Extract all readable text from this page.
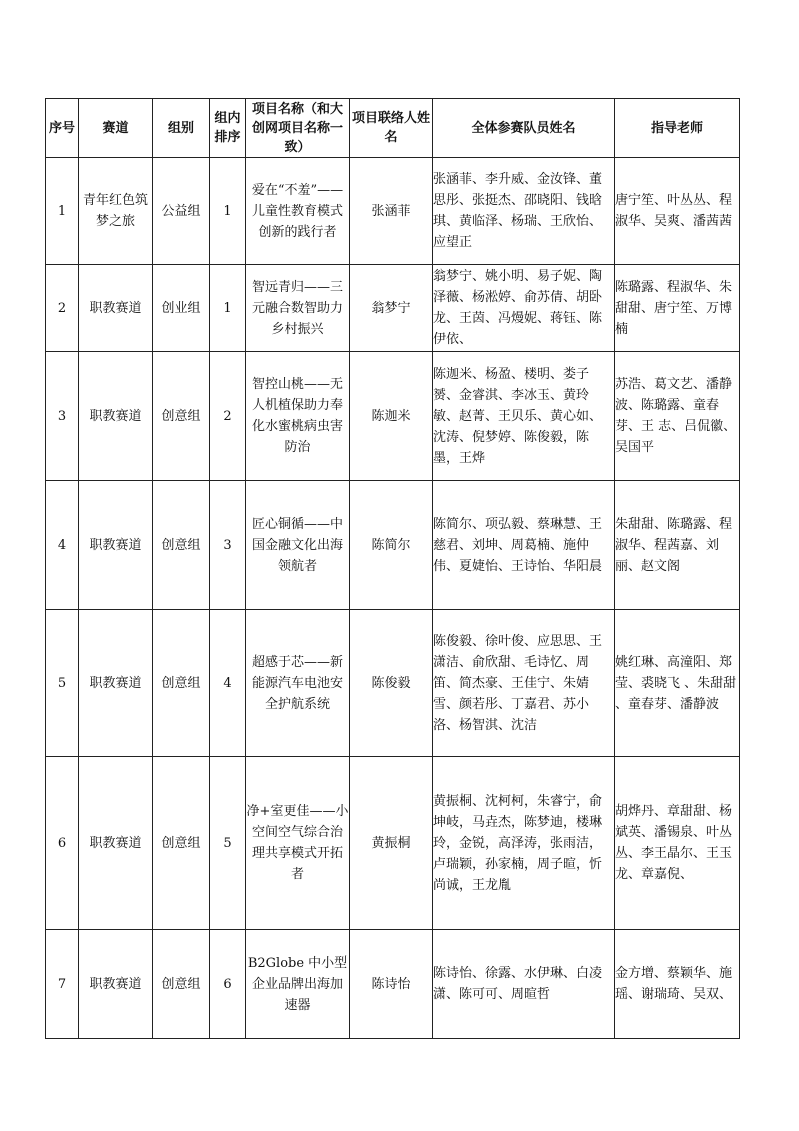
序号	赛道	组别	组内排序	项目名称（和大创网项目名称一致）	项目联络人姓名	全体参赛队员姓名	指导老师
1	青年红色筑梦之旅	公益组	1	爱在“不羞”——儿童性教育模式创新的践行者	张涵菲	张涵菲、李升威、金汝锋、董思彤、张挺杰、邵晓阳、钱晗琪、黄临泽、杨瑞、王欣怡、应望正	唐宁笙、叶丛丛、程淑华、吴爽、潘茜茜
2	职教赛道	创业组	1	智远青归——三元融合数智助力乡村振兴	翁梦宁	翁梦宁、姚小明、易子妮、陶泽薇、杨淞婷、俞苏倩、胡卧龙、王茵、冯熳妮、蒋钰、陈伊依、	陈璐露、程淑华、朱甜甜、唐宁笙、万博楠
3	职教赛道	创意组	2	智控山桃——无人机植保助力奉化水蜜桃病虫害防治	陈迦米	陈迦米、杨盈、楼明、娄子赟、金睿淇、李冰玉、黄玲敏、赵菁、王贝乐、黄心如、沈涛、倪梦婷、陈俊毅，陈墨，王烨	苏浩、葛文艺、潘静波、陈璐露、童春芽、王 志、吕侃徽、吴国平
4	职教赛道	创意组	3	匠心铜循——中国金融文化出海领航者	陈简尔	陈简尔、项弘毅、蔡琳慧、王慈君、刘坤、周葛楠、施仲伟、夏婕怡、王诗怡、华阳晨	朱甜甜、陈璐露、程淑华、程茜嘉、刘丽、赵文阁
5	职教赛道	创意组	4	超感于芯——新能源汽车电池安全护航系统	陈俊毅	陈俊毅、徐叶俊、应思思、王潇洁、俞欣甜、毛诗忆、周笛、简杰豪、王佳宁、朱婧雪、颜若彤、丁嘉君、苏小洛、杨智淇、沈洁	姚红琳、高潼阳、郑莹、裘晓飞 、朱甜甜 、童春芽、潘静波
6	职教赛道	创意组	5	净+室更佳——小空间空气综合治理共享模式开拓者	黄振桐	黄振桐、沈柯柯，朱睿宁，俞坤岐，马垚杰，陈梦迪，楼琳玲，金锐，高泽涛，张雨洁，卢瑞颖，孙家楠，周子暄，忻尚诚，王龙胤	胡烨丹、章甜甜、杨斌英、潘锡泉、叶丛丛、李王晶尔、王玉龙、章嘉倪、
7	职教赛道	创意组	6	B2Globe 中小型企业品牌出海加速器	陈诗怡	陈诗怡、徐露、水伊琳、白凌潇、陈可可、周暄哲	金方增、蔡颖华、施瑶、谢瑞琦、吴双、
